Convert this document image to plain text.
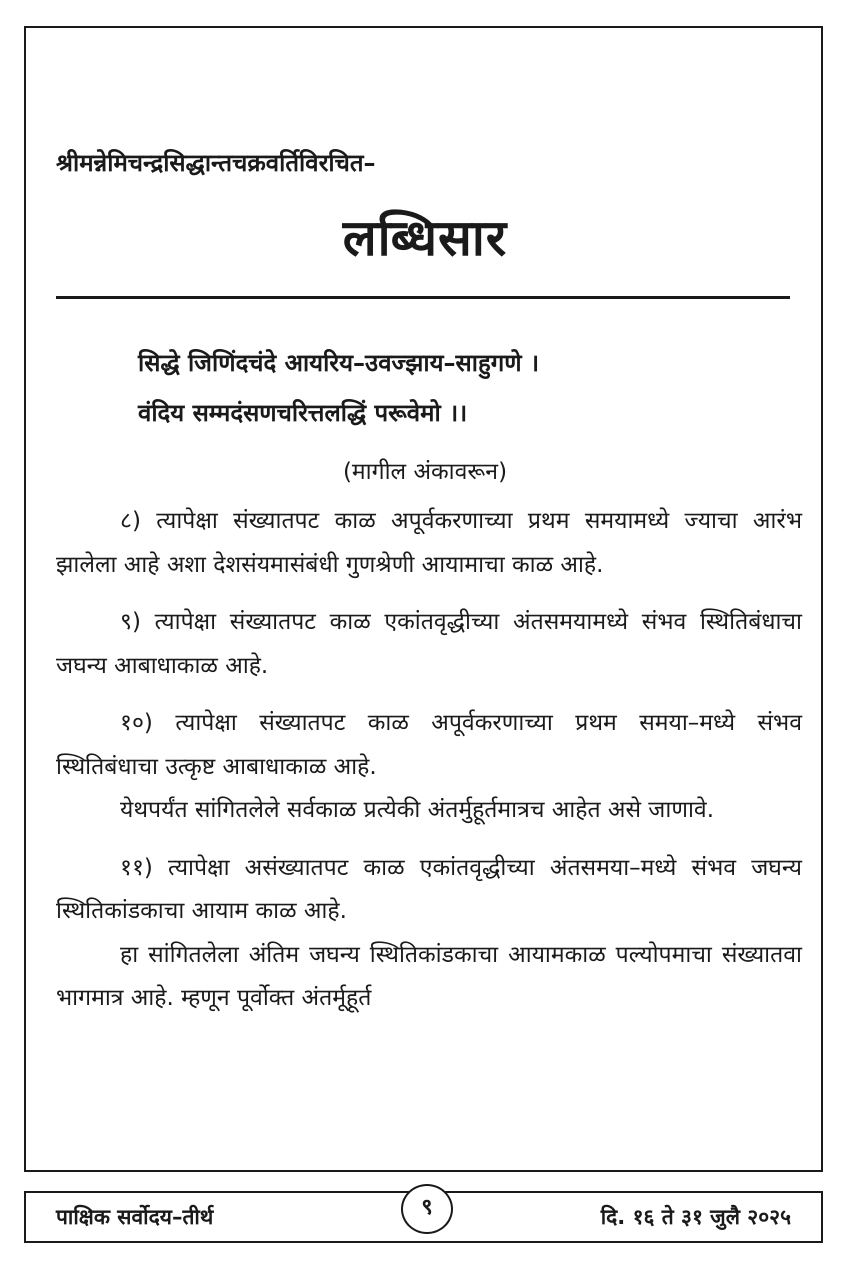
श्रीमन्नेमिचन्द्रसिद्धान्तचक्रवर्तिविरचित–
लब्धिसार
सिद्धे जिणिंदचंदे आयरिय–उवज्झाय–साहुगणे ।
वंदिय सम्मदंसणचरित्तलद्धिं परूवेमो ।।
(मागील अंकावरून)

८) त्यापेक्षा संख्यातपट काळ अपूर्वकरणाच्या प्रथम समयामध्ये ज्याचा आरंभ झालेला आहे अशा देशसंयमासंबंधी गुणश्रेणी आयामाचा काळ आहे.

९) त्यापेक्षा संख्यातपट काळ एकांतवृद्धीच्या अंतसमयामध्ये संभव स्थितिबंधाचा जघन्य आबाधाकाळ आहे.

१०) त्यापेक्षा संख्यातपट काळ अपूर्वकरणाच्या प्रथम समया–मध्ये संभव स्थितिबंधाचा उत्कृष्ट आबाधाकाळ आहे.

येथपर्यंत सांगितलेले सर्वकाळ प्रत्येकी अंतर्मुहूर्तमात्रच आहेत असे जाणावे.

११) त्यापेक्षा असंख्यातपट काळ एकांतवृद्धीच्या अंतसमया–मध्ये संभव जघन्य स्थितिकांडकाचा आयाम काळ आहे.

हा सांगितलेला अंतिम जघन्य स्थितिकांडकाचा आयामकाळ पल्योपमाचा संख्यातवा भागमात्र आहे. म्हणून पूर्वोक्त अंतर्मूहूर्त

पाक्षिक सर्वोदय–तीर्थ	९	दि. १६ ते ३१ जुलै २०२५
